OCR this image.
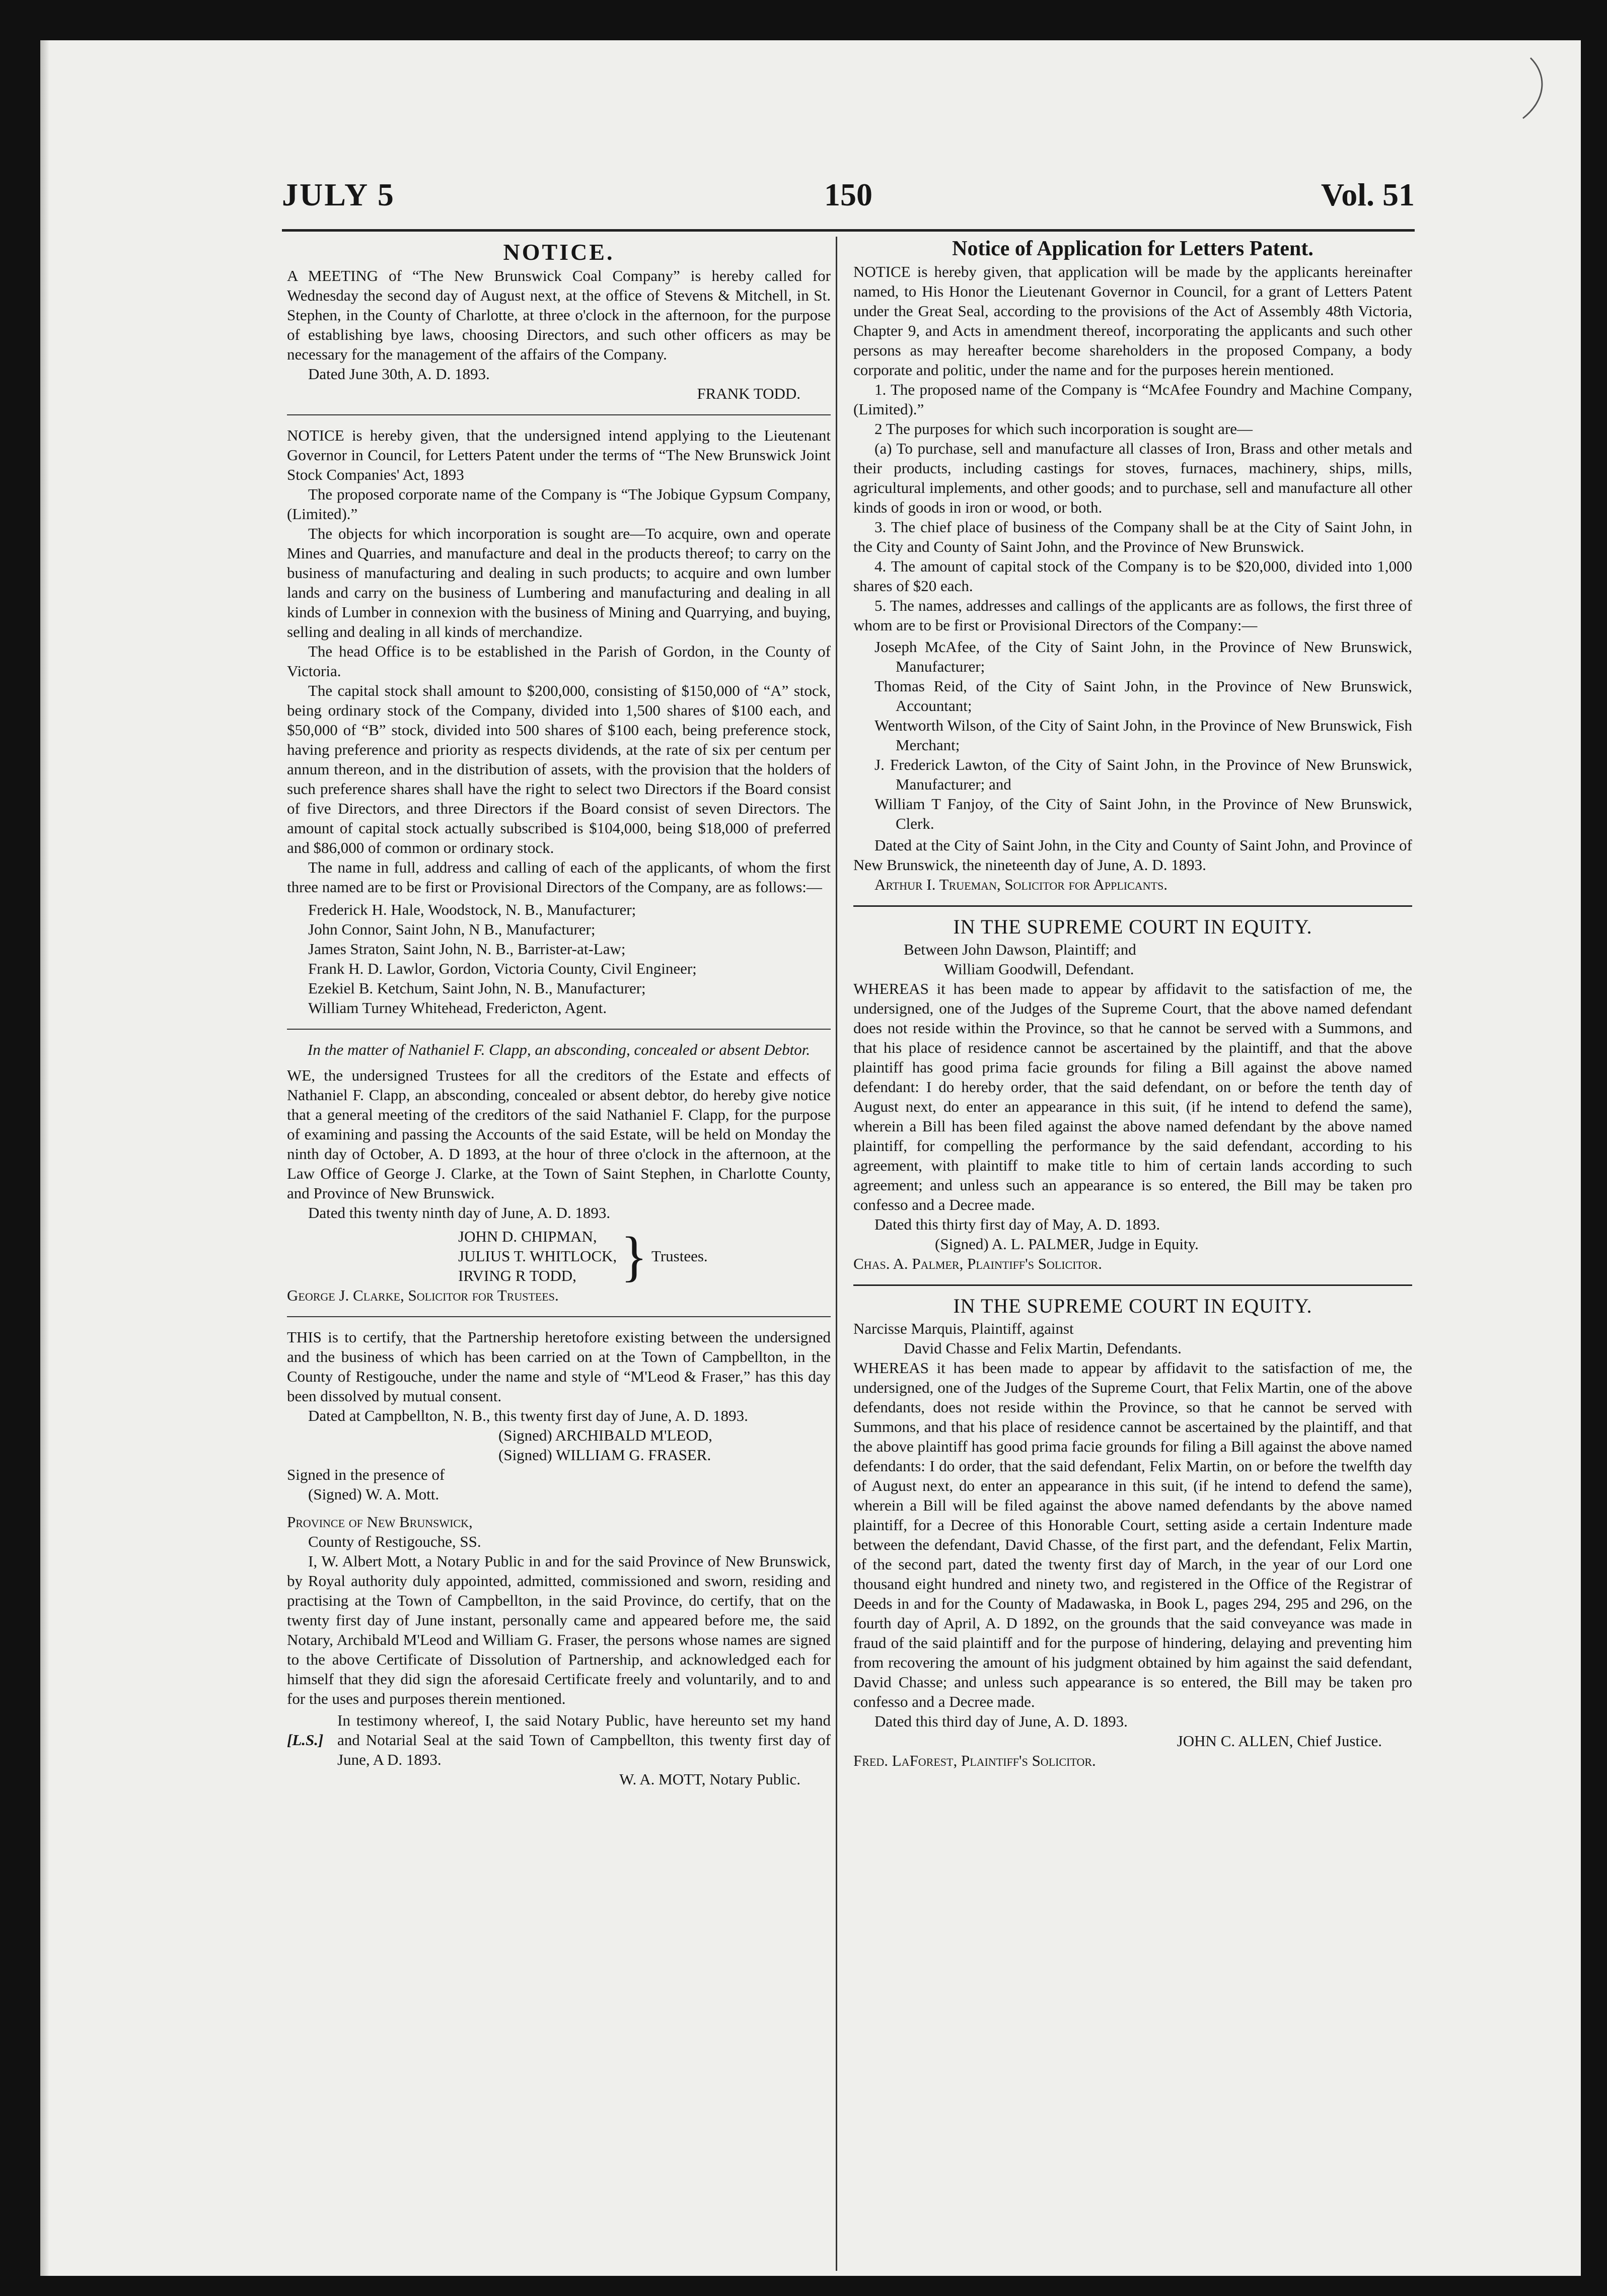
JULY 5	150	Vol. 51
NOTICE.

A MEETING of “The New Brunswick Coal Company” is hereby called for Wednesday the second day of August next, at the office of Stevens & Mitchell, in St. Stephen, in the County of Charlotte, at three o'clock in the afternoon, for the purpose of establishing bye laws, choosing Directors, and such other officers as may be necessary for the management of the affairs of the Company.

Dated June 30th, A. D. 1893.

FRANK TODD.

NOTICE is hereby given, that the undersigned intend applying to the Lieutenant Governor in Council, for Letters Patent under the terms of “The New Brunswick Joint Stock Companies' Act, 1893

The proposed corporate name of the Company is “The Jobique Gypsum Company, (Limited).”

The objects for which incorporation is sought are—To acquire, own and operate Mines and Quarries, and manufacture and deal in the products thereof; to carry on the business of manufacturing and dealing in such products; to acquire and own lumber lands and carry on the business of Lumbering and manufacturing and dealing in all kinds of Lumber in connexion with the business of Mining and Quarrying, and buying, selling and dealing in all kinds of merchandize.

The head Office is to be established in the Parish of Gordon, in the County of Victoria.

The capital stock shall amount to $200,000, consisting of $150,000 of “A” stock, being ordinary stock of the Company, divided into 1,500 shares of $100 each, and $50,000 of “B” stock, divided into 500 shares of $100 each, being preference stock, having preference and priority as respects dividends, at the rate of six per centum per annum thereon, and in the distribution of assets, with the provision that the holders of such preference shares shall have the right to select two Directors if the Board consist of five Directors, and three Directors if the Board consist of seven Directors. The amount of capital stock actually subscribed is $104,000, being $18,000 of preferred and $86,000 of common or ordinary stock.

The name in full, address and calling of each of the applicants, of whom the first three named are to be first or Provisional Directors of the Company, are as follows:—

Frederick H. Hale, Woodstock, N. B., Manufacturer;
John Connor, Saint John, N B., Manufacturer;
James Straton, Saint John, N. B., Barrister-at-Law;
Frank H. D. Lawlor, Gordon, Victoria County, Civil Engineer;
Ezekiel B. Ketchum, Saint John, N. B., Manufacturer;
William Turney Whitehead, Fredericton, Agent.
In the matter of Nathaniel F. Clapp, an absconding, concealed or absent Debtor.

WE, the undersigned Trustees for all the creditors of the Estate and effects of Nathaniel F. Clapp, an absconding, concealed or absent debtor, do hereby give notice that a general meeting of the creditors of the said Nathaniel F. Clapp, for the purpose of examining and passing the Accounts of the said Estate, will be held on Monday the ninth day of October, A. D 1893, at the hour of three o'clock in the afternoon, at the Law Office of George J. Clarke, at the Town of Saint Stephen, in Charlotte County, and Province of New Brunswick.

Dated this twenty ninth day of June, A. D. 1893.

JOHN D. CHIPMAN,
JULIUS T. WHITLOCK,
IRVING R TODD, } Trustees.

George J. Clarke, Solicitor for Trustees.

THIS is to certify, that the Partnership heretofore existing between the undersigned and the business of which has been carried on at the Town of Campbellton, in the County of Restigouche, under the name and style of “M'Leod & Fraser,” has this day been dissolved by mutual consent.

Dated at Campbellton, N. B., this twenty first day of June, A. D. 1893.

(Signed) ARCHIBALD M'LEOD,

(Signed) WILLIAM G. FRASER.

Signed in the presence of

(Signed) W. A. Mott.

Province of New Brunswick,

County of Restigouche, SS.

I, W. Albert Mott, a Notary Public in and for the said Province of New Brunswick, by Royal authority duly appointed, admitted, commissioned and sworn, residing and practising at the Town of Campbellton, in the said Province, do certify, that on the twenty first day of June instant, personally came and appeared before me, the said Notary, Archibald M'Leod and William G. Fraser, the persons whose names are signed to the above Certificate of Dissolution of Partnership, and acknowledged each for himself that they did sign the aforesaid Certificate freely and voluntarily, and to and for the uses and purposes therein mentioned.

[L.S.]

In testimony whereof, I, the said Notary Public, have hereunto set my hand and Notarial Seal at the said Town of Campbellton, this twenty first day of June, A D. 1893.

W. A. MOTT, Notary Public.

Notice of Application for Letters Patent.

NOTICE is hereby given, that application will be made by the applicants hereinafter named, to His Honor the Lieutenant Governor in Council, for a grant of Letters Patent under the Great Seal, according to the provisions of the Act of Assembly 48th Victoria, Chapter 9, and Acts in amendment thereof, incorporating the applicants and such other persons as may hereafter become shareholders in the proposed Company, a body corporate and politic, under the name and for the purposes herein mentioned.

1. The proposed name of the Company is “McAfee Foundry and Machine Company, (Limited).”

2 The purposes for which such incorporation is sought are—

(a) To purchase, sell and manufacture all classes of Iron, Brass and other metals and their products, including castings for stoves, furnaces, machinery, ships, mills, agricultural implements, and other goods; and to purchase, sell and manufacture all other kinds of goods in iron or wood, or both.

3. The chief place of business of the Company shall be at the City of Saint John, in the City and County of Saint John, and the Province of New Brunswick.

4. The amount of capital stock of the Company is to be $20,000, divided into 1,000 shares of $20 each.

5. The names, addresses and callings of the applicants are as follows, the first three of whom are to be first or Provisional Directors of the Company:—

Joseph McAfee, of the City of Saint John, in the Province of New Brunswick, Manufacturer;
Thomas Reid, of the City of Saint John, in the Province of New Brunswick, Accountant;
Wentworth Wilson, of the City of Saint John, in the Province of New Brunswick, Fish Merchant;
J. Frederick Lawton, of the City of Saint John, in the Province of New Brunswick, Manufacturer; and
William T Fanjoy, of the City of Saint John, in the Province of New Brunswick, Clerk.

Dated at the City of Saint John, in the City and County of Saint John, and Province of New Brunswick, the nineteenth day of June, A. D. 1893.

Arthur I. Trueman, Solicitor for Applicants.

IN THE SUPREME COURT IN EQUITY.

Between John Dawson, Plaintiff; and

William Goodwill, Defendant.

WHEREAS it has been made to appear by affidavit to the satisfaction of me, the undersigned, one of the Judges of the Supreme Court, that the above named defendant does not reside within the Province, so that he cannot be served with a Summons, and that his place of residence cannot be ascertained by the plaintiff, and that the above plaintiff has good prima facie grounds for filing a Bill against the above named defendant: I do hereby order, that the said defendant, on or before the tenth day of August next, do enter an appearance in this suit, (if he intend to defend the same), wherein a Bill has been filed against the above named defendant by the above named plaintiff, for compelling the performance by the said defendant, according to his agreement, with plaintiff to make title to him of certain lands according to such agreement; and unless such an appearance is so entered, the Bill may be taken pro confesso and a Decree made.

Dated this thirty first day of May, A. D. 1893.

(Signed) A. L. PALMER, Judge in Equity.

Chas. A. Palmer, Plaintiff's Solicitor.

IN THE SUPREME COURT IN EQUITY.

Narcisse Marquis, Plaintiff, against

David Chasse and Felix Martin, Defendants.

WHEREAS it has been made to appear by affidavit to the satisfaction of me, the undersigned, one of the Judges of the Supreme Court, that Felix Martin, one of the above defendants, does not reside within the Province, so that he cannot be served with Summons, and that his place of residence cannot be ascertained by the plaintiff, and that the above plaintiff has good prima facie grounds for filing a Bill against the above named defendants: I do order, that the said defendant, Felix Martin, on or before the twelfth day of August next, do enter an appearance in this suit, (if he intend to defend the same), wherein a Bill will be filed against the above named defendants by the above named plaintiff, for a Decree of this Honorable Court, setting aside a certain Indenture made between the defendant, David Chasse, of the first part, and the defendant, Felix Martin, of the second part, dated the twenty first day of March, in the year of our Lord one thousand eight hundred and ninety two, and registered in the Office of the Registrar of Deeds in and for the County of Madawaska, in Book L, pages 294, 295 and 296, on the fourth day of April, A. D 1892, on the grounds that the said conveyance was made in fraud of the said plaintiff and for the purpose of hindering, delaying and preventing him from recovering the amount of his judgment obtained by him against the said defendant, David Chasse; and unless such appearance is so entered, the Bill may be taken pro confesso and a Decree made.

Dated this third day of June, A. D. 1893.

JOHN C. ALLEN, Chief Justice.

Fred. LaForest, Plaintiff's Solicitor.
